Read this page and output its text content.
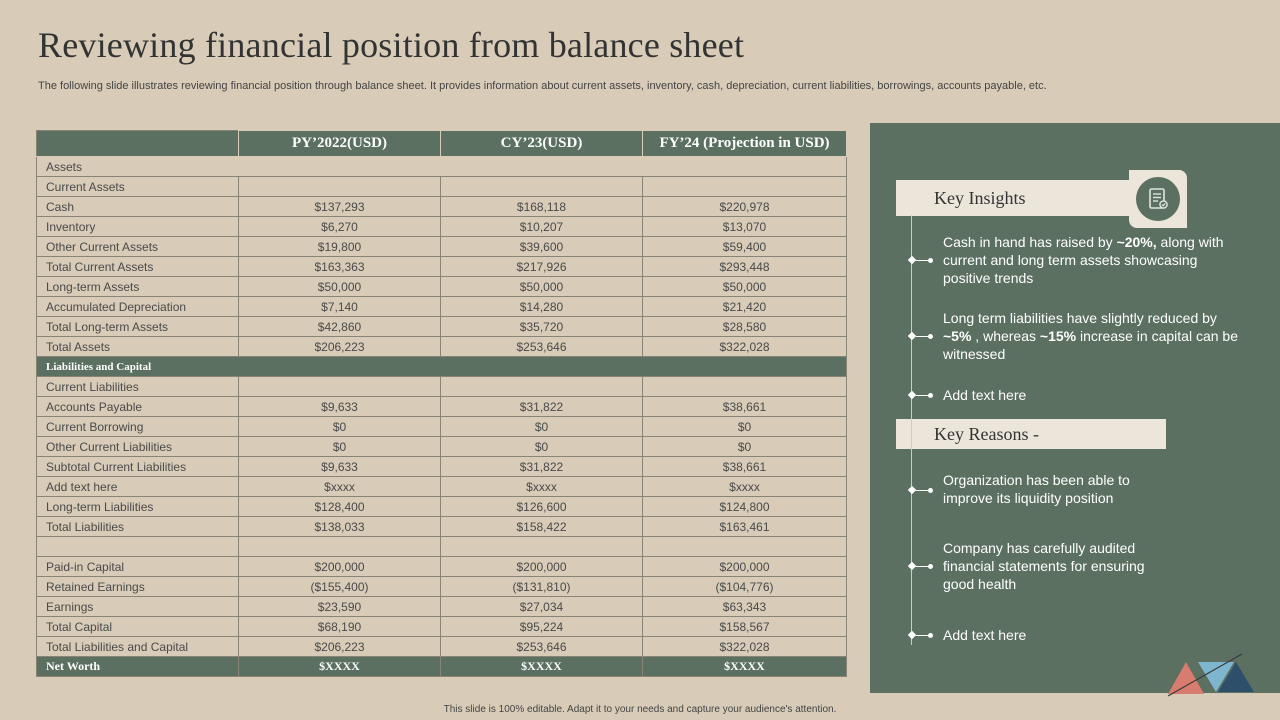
Reviewing financial position from balance sheet

The following slide illustrates reviewing financial position through balance sheet. It provides information about current assets, inventory, cash, depreciation, current liabilities, borrowings, accounts payable, etc.

	PY’2022(USD)	CY’23(USD)	FY’24 (Projection in USD)
Assets			
Current Assets			
Cash	$137,293	$168,118	$220,978
Inventory	$6,270	$10,207	$13,070
Other Current Assets	$19,800	$39,600	$59,400
Total Current Assets	$163,363	$217,926	$293,448
Long-term Assets	$50,000	$50,000	$50,000
Accumulated Depreciation	$7,140	$14,280	$21,420
Total Long-term Assets	$42,860	$35,720	$28,580
Total Assets	$206,223	$253,646	$322,028
Liabilities and Capital			
Current Liabilities			
Accounts Payable	$9,633	$31,822	$38,661
Current Borrowing	$0	$0	$0
Other Current Liabilities	$0	$0	$0
Subtotal Current Liabilities	$9,633	$31,822	$38,661
Add text here	$xxxx	$xxxx	$xxxx
Long-term Liabilities	$128,400	$126,600	$124,800
Total Liabilities	$138,033	$158,422	$163,461

Paid-in Capital	$200,000	$200,000	$200,000
Retained Earnings	($155,400)	($131,810)	($104,776)
Earnings	$23,590	$27,034	$63,343
Total Capital	$68,190	$95,224	$158,567
Total Liabilities and Capital	$206,223	$253,646	$322,028
Net Worth	$XXXX	$XXXX	$XXXX
Key Insights
Key Reasons -
Cash in hand has raised by ~20%, along with current and long term assets showcasing positive trends
Long term liabilities have slightly reduced by ~5% , whereas ~15% increase in capital can be witnessed
Add text here
Organization has been able to improve its liquidity position
Company has carefully audited financial statements for ensuring good health
Add text here
This slide is 100% editable. Adapt it to your needs and capture your audience's attention.
